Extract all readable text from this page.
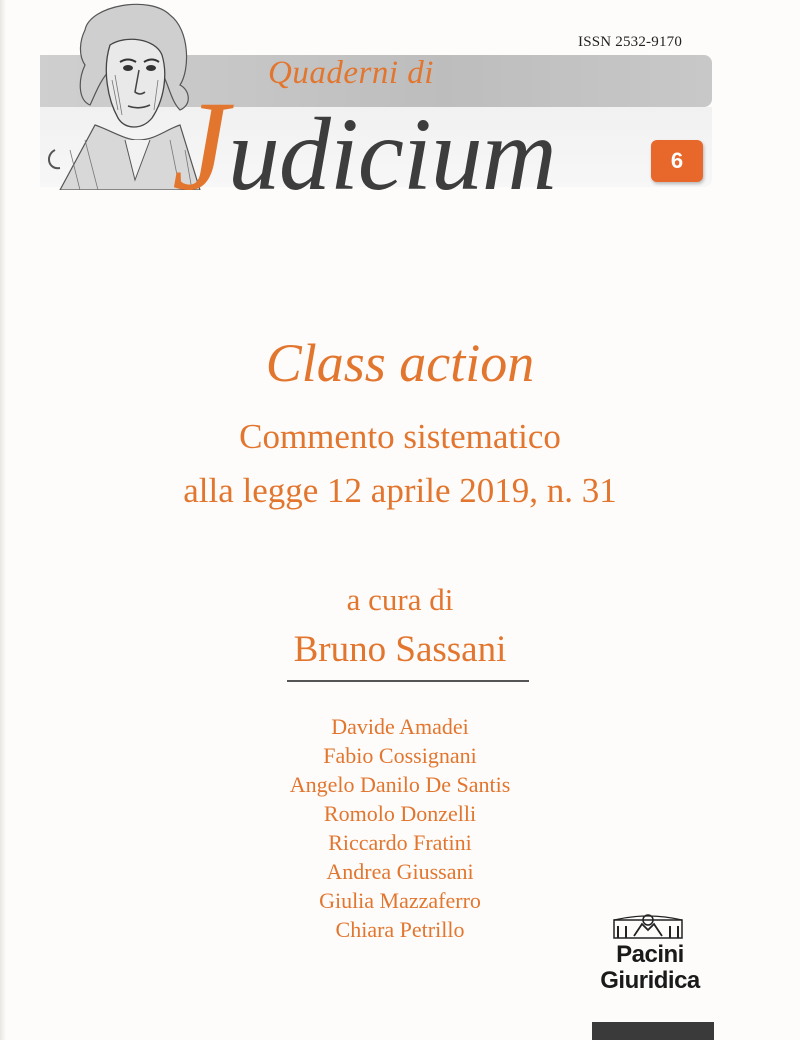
ISSN 2532-9170
Quaderni di
Judicium	6
Class action
Commento sistematico
alla legge 12 aprile 2019, n. 31
a cura di
Bruno Sassani
Davide Amadei
Fabio Cossignani
Angelo Danilo De Santis
Romolo Donzelli
Riccardo Fratini
Andrea Giussani
Giulia Mazzaferro
Chiara Petrillo
Pacini
Giuridica
